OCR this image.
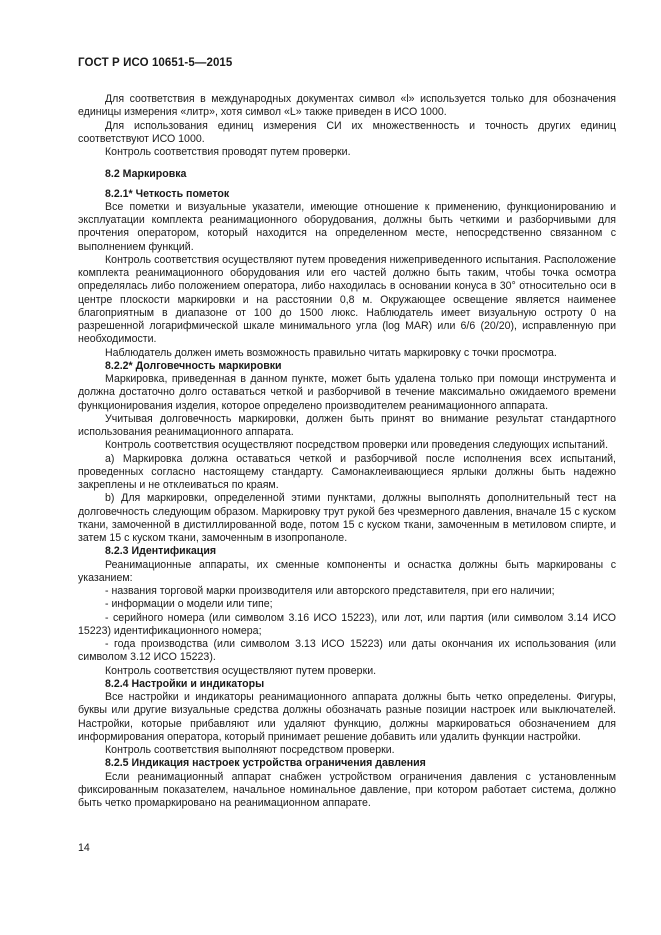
ГОСТ Р ИСО 10651-5—2015

Для соответствия в международных документах символ «l» используется только для обозначения единицы измерения «литр», хотя символ «L» также приведен в ИСО 1000.

Для использования единиц измерения СИ их множественность и точность других единиц соответствуют ИСО 1000.

Контроль соответствия проводят путем проверки.

8.2 Маркировка

8.2.1* Четкость пометок

Все пометки и визуальные указатели, имеющие отношение к применению, функционированию и эксплуатации комплекта реанимационного оборудования, должны быть четкими и разборчивыми для прочтения оператором, который находится на определенном месте, непосредственно связанном с выполнением функций.

Контроль соответствия осуществляют путем проведения нижеприведенного испытания. Расположение комплекта реанимационного оборудования или его частей должно быть таким, чтобы точка осмотра определялась либо положением оператора, либо находилась в основании конуса в 30° относительно оси в центре плоскости маркировки и на расстоянии 0,8 м. Окружающее освещение является наименее благоприятным в диапазоне от 100 до 1500 люкс. Наблюдатель имеет визуальную остроту 0 на разрешенной логарифмической шкале минимального угла (log MAR) или 6/6 (20/20), исправленную при необходимости.

Наблюдатель должен иметь возможность правильно читать маркировку с точки просмотра.

8.2.2* Долговечность маркировки

Маркировка, приведенная в данном пункте, может быть удалена только при помощи инструмента и должна достаточно долго оставаться четкой и разборчивой в течение максимально ожидаемого времени функционирования изделия, которое определено производителем реанимационного аппарата.

Учитывая долговечность маркировки, должен быть принят во внимание результат стандартного использования реанимационного аппарата.

Контроль соответствия осуществляют посредством проверки или проведения следующих испытаний.

a) Маркировка должна оставаться четкой и разборчивой после исполнения всех испытаний, проведенных согласно настоящему стандарту. Самонаклеивающиеся ярлыки должны быть надежно закреплены и не отклеиваться по краям.

b) Для маркировки, определенной этими пунктами, должны выполнять дополнительный тест на долговечность следующим образом. Маркировку трут рукой без чрезмерного давления, вначале 15 с куском ткани, замоченной в дистиллированной воде, потом 15 с куском ткани, замоченным в метиловом спирте, и затем 15 с куском ткани, замоченным в изопропаноле.

8.2.3 Идентификация

Реанимационные аппараты, их сменные компоненты и оснастка должны быть маркированы с указанием:

- названия торговой марки производителя или авторского представителя, при его наличии;

- информации о модели или типе;

- серийного номера (или символом 3.16 ИСО 15223), или лот, или партия (или символом 3.14 ИСО 15223) идентификационного номера;

- года производства (или символом 3.13 ИСО 15223) или даты окончания их использования (или символом 3.12 ИСО 15223).

Контроль соответствия осуществляют путем проверки.

8.2.4 Настройки и индикаторы

Все настройки и индикаторы реанимационного аппарата должны быть четко определены. Фигуры, буквы или другие визуальные средства должны обозначать разные позиции настроек или выключателей. Настройки, которые прибавляют или удаляют функцию, должны маркироваться обозначением для информирования оператора, который принимает решение добавить или удалить функции настройки.

Контроль соответствия выполняют посредством проверки.

8.2.5 Индикация настроек устройства ограничения давления

Если реанимационный аппарат снабжен устройством ограничения давления с установленным фиксированным показателем, начальное номинальное давление, при котором работает система, должно быть четко промаркировано на реанимационном аппарате.

14
